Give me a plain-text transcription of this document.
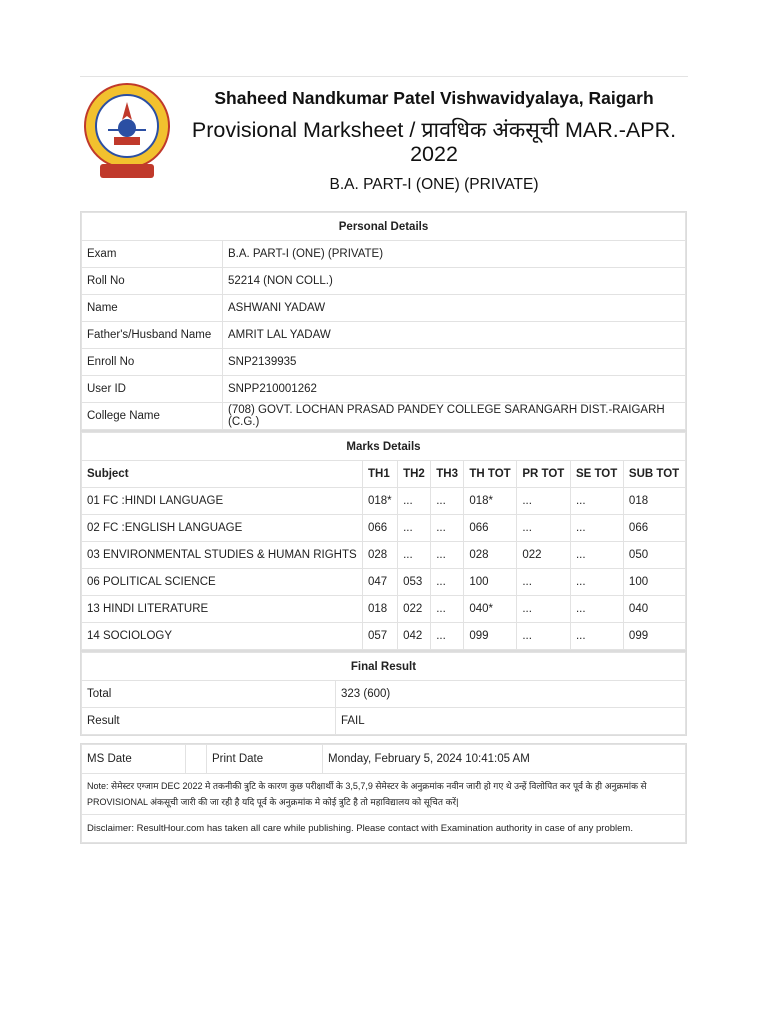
Shaheed Nandkumar Patel Vishwavidyalaya, Raigarh
Provisional Marksheet / प्रावधिक अंकसूची MAR.-APR. 2022
B.A. PART-I (ONE) (PRIVATE)
Personal Details	
Exam	B.A. PART-I (ONE) (PRIVATE)
Roll No	52214 (NON COLL.)
Name	ASHWANI YADAW
Father's/Husband Name	AMRIT LAL YADAW
Enroll No	SNP2139935
User ID	SNPP210001262
College Name	(708) GOVT. LOCHAN PRASAD PANDEY COLLEGE SARANGARH DIST.-RAIGARH (C.G.)
Marks Details							
Subject	TH1	TH2	TH3	TH TOT	PR TOT	SE TOT	SUB TOT
01 FC :HINDI LANGUAGE	018*	...	...	018*	...	...	018
02 FC :ENGLISH LANGUAGE	066	...	...	066	...	...	066
03 ENVIRONMENTAL STUDIES & HUMAN RIGHTS	028	...	...	028	022	...	050
06 POLITICAL SCIENCE	047	053	...	100	...	...	100
13 HINDI LITERATURE	018	022	...	040*	...	...	040
14 SOCIOLOGY	057	042	...	099	...	...	099
Final Result	
Total	323 (600)
Result	FAIL
MS Date		Print Date	Monday, February 5, 2024 10:41:05 AM
Note: सेमेस्टर एग्जाम DEC 2022 मे तकनीकी त्रुटि के कारण कुछ परीक्षार्थी के 3,5,7,9 सेमेस्टर के अनुक्रमांक नवीन जारी हो गए थे उन्हें विलोपित कर पूर्व के ही अनुक्रमांक से PROVISIONAL अंकसूची जारी की जा रही है यदि पूर्व के अनुक्रमांक मे कोई त्रुटि है तो महाविद्यालय को सूचित करें|
Disclaimer: ResultHour.com has taken all care while publishing. Please contact with Examination authority in case of any problem.
